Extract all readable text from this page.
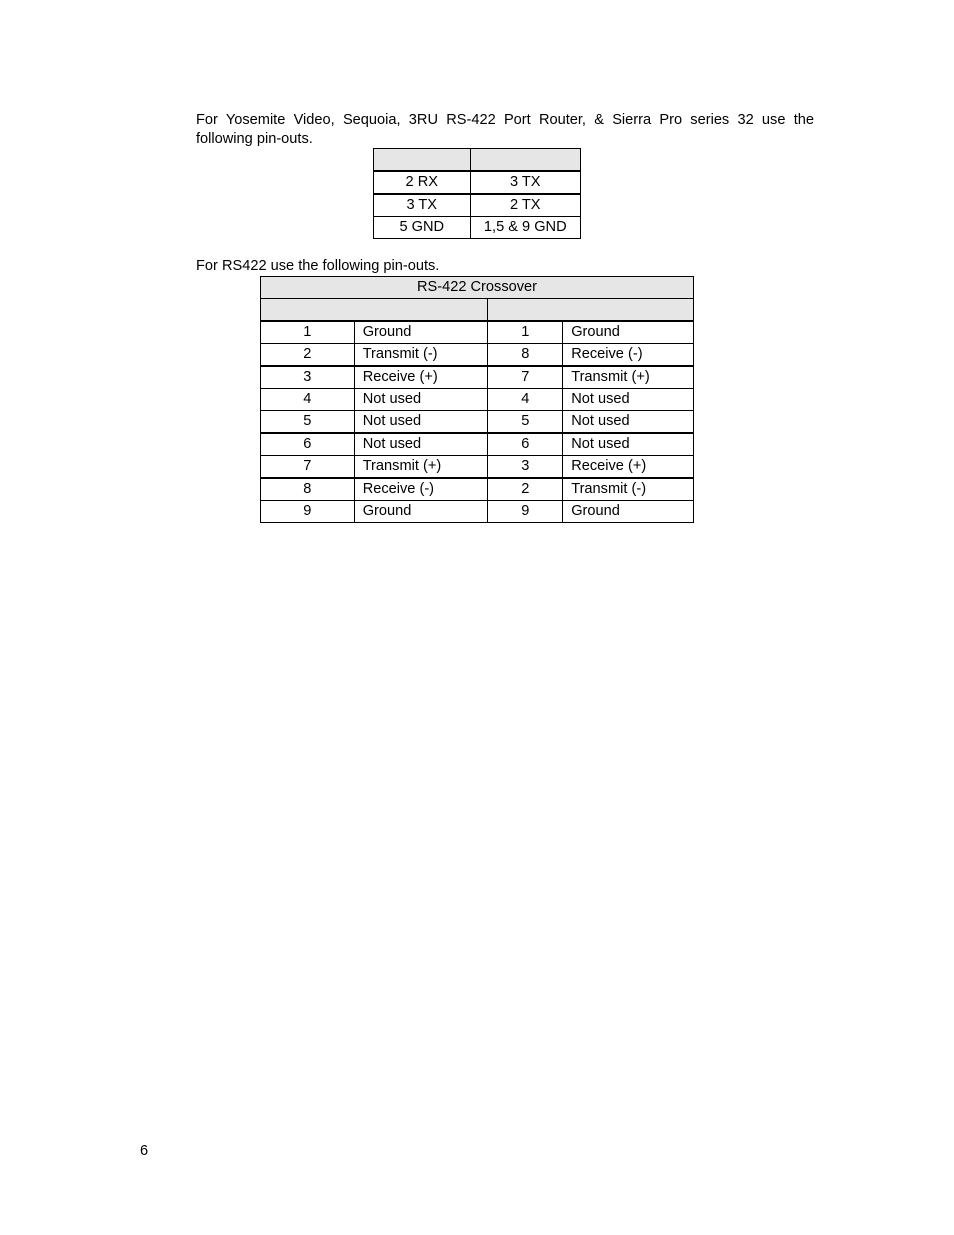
For Yosemite Video, Sequoia, 3RU RS-422 Port Router, & Sierra Pro series 32 use the following pin-outs.

2 RX	3 TX
3 TX	2 TX
5 GND	1,5 & 9 GND

For RS422 use the following pin-outs.

RS-422 Crossover			

1	Ground	1	Ground
2	Transmit (-)	8	Receive (-)
3	Receive (+)	7	Transmit (+)
4	Not used	4	Not used
5	Not used	5	Not used
6	Not used	6	Not used
7	Transmit (+)	3	Receive (+)
8	Receive (-)	2	Transmit (-)
9	Ground	9	Ground

6
